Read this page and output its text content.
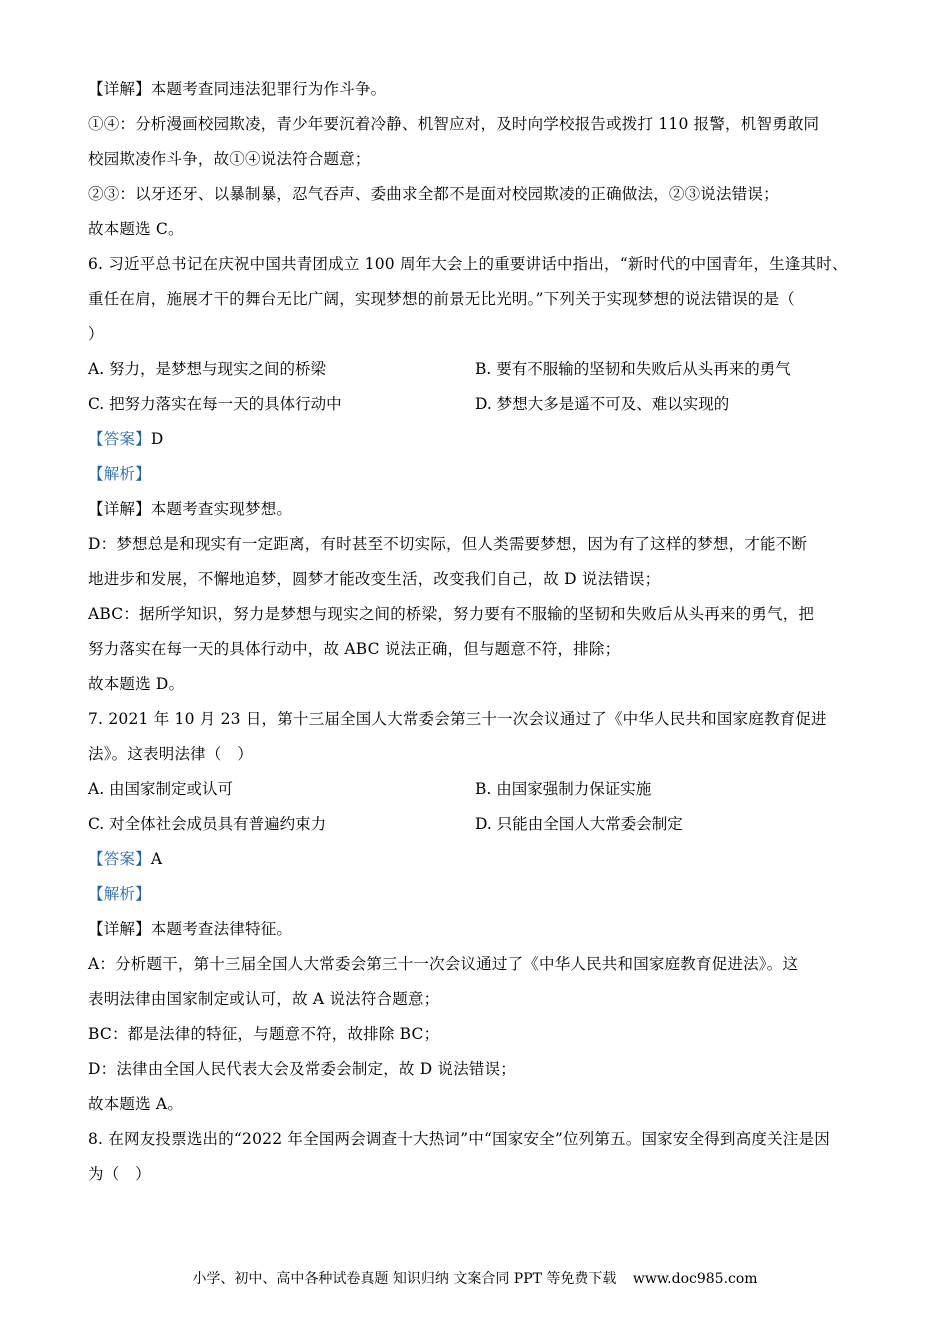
【详解】本题考查同违法犯罪行为作斗争。
①④：分析漫画校园欺凌，青少年要沉着冷静、机智应对，及时向学校报告或拨打 110 报警，机智勇敢同
校园欺凌作斗争，故①④说法符合题意；
②③：以牙还牙、以暴制暴，忍气吞声、委曲求全都不是面对校园欺凌的正确做法，②③说法错误；
故本题选 C。
6. 习近平总书记在庆祝中国共青团成立 100 周年大会上的重要讲话中指出，“新时代的中国青年，生逢其时、
重任在肩，施展才干的舞台无比广阔，实现梦想的前景无比光明。”下列关于实现梦想的说法错误的是（
）
A. 努力，是梦想与现实之间的桥梁	B. 要有不服输的坚韧和失败后从头再来的勇气
C. 把努力落实在每一天的具体行动中	D. 梦想大多是遥不可及、难以实现的
【答案】D
【解析】
【详解】本题考查实现梦想。
D：梦想总是和现实有一定距离，有时甚至不切实际，但人类需要梦想，因为有了这样的梦想，才能不断
地进步和发展，不懈地追梦，圆梦才能改变生活，改变我们自己，故 D 说法错误；
ABC：据所学知识，努力是梦想与现实之间的桥梁，努力要有不服输的坚韧和失败后从头再来的勇气，把
努力落实在每一天的具体行动中，故 ABC 说法正确，但与题意不符，排除；
故本题选 D。
7. 2021 年 10 月 23 日，第十三届全国人大常委会第三十一次会议通过了《中华人民共和国家庭教育促进
法》。这表明法律（　）
A. 由国家制定或认可	B. 由国家强制力保证实施
C. 对全体社会成员具有普遍约束力	D. 只能由全国人大常委会制定
【答案】A
【解析】
【详解】本题考查法律特征。
A：分析题干，第十三届全国人大常委会第三十一次会议通过了《中华人民共和国家庭教育促进法》。这
表明法律由国家制定或认可，故 A 说法符合题意；
BC：都是法律的特征，与题意不符，故排除 BC；
D：法律由全国人民代表大会及常委会制定，故 D 说法错误；
故本题选 A。
8. 在网友投票选出的“2022 年全国两会调查十大热词”中“国家安全”位列第五。国家安全得到高度关注是因
为（　）
小学、初中、高中各种试卷真题 知识归纳 文案合同 PPT 等免费下载 www.doc985.com
